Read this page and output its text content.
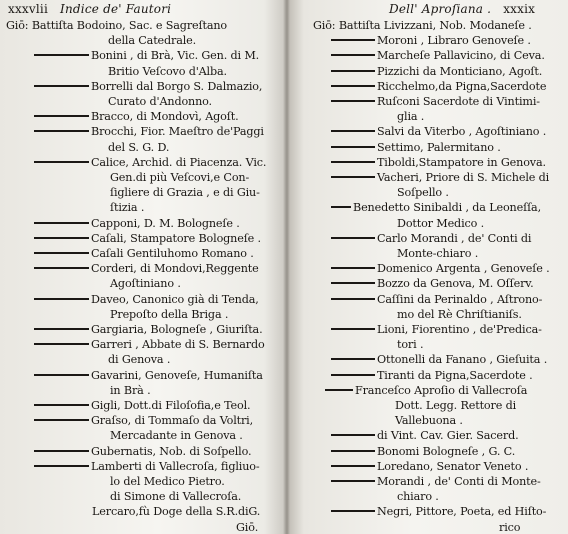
xxxvlii Indice de' Fautori
Giō: Battiſta Bodoino, Sac. e Sagreſtano
della Catedrale.
Bonini , di Brà, Vic. Gen. di M.
Britio Veſcovo d'Alba.
Borrelli dal Borgo S. Dalmazio,
Curato d'Andonno.
Bracco, di Mondovì, Agoſt.
Brocchi, Fior. Maeſtro de'Paggi
del S. G. D.
Calice, Archid. di Piacenza. Vic.
Gen.di più Veſcovi,e Con-
ſigliere di Grazia , e di Giu-
ſtizia .
Capponi, D. M. Bologneſe .
Caſali, Stampatore Bologneſe .
Caſali Gentiluhomo Romano .
Corderi, di Mondovi,Reggente
Agoſtiniano .
Daveo, Canonico già di Tenda,
Prepoſto della Briga .
Gargiaria, Bologneſe , Giuriſta.
Garreri , Abbate di S. Bernardo
di Genova .
Gavarini, Genoveſe, Humaniſta
in Brà .
Gigli, Dott.di Filoſofia,e Teol.
Graſso, di Tommaſo da Voltri,
Mercadante in Genova .
Gubernatis, Nob. di Soſpello.
Lamberti di Vallecroſa, figliuo-
lo del Medico Pietro.
di Simone di Vallecroſa.
Lercaro,fù Doge della S.R.diG.
Giō.
Dell' Aproſiana . xxxix
Giō: Battiſta Livizzani, Nob. Modaneſe .
Moroni , Libraro Genoveſe .
Marcheſe Pallavicino, di Ceva.
Pizzichi da Monticiano, Agoſt.
Ricchelmo,da Pigna,Sacerdote
Ruſconi Sacerdote di Vintimi-
glia .
Salvi da Viterbo , Agoſtiniano .
Settimo, Palermitano .
Tiboldi,Stampatore in Genova.
Vacheri, Priore di S. Michele di
Soſpello .
Benedetto Sinibaldi , da Leoneſſa,
Dottor Medico .
Carlo Morandi , de' Conti di
Monte-chiaro .
Domenico Argenta , Genoveſe .
Bozzo da Genova, M. Oſſerv.
Caſſini da Perinaldo , Aſtrono-
mo del Rè Chriſtianiſs.
Lioni, Fiorentino , de'Predica-
tori .
Ottonelli da Fanano , Gieſuita .
Tiranti da Pigna,Sacerdote .
Franceſco Aproſio di Vallecroſa
Dott. Legg. Rettore di
Vallebuona .
di Vint. Cav. Gier. Sacerd.
Bonomi Bologneſe , G. C.
Loredano, Senator Veneto .
Morandi , de' Conti di Monte-
chiaro .
Negri, Pittore, Poeta, ed Hiſto-
rico
